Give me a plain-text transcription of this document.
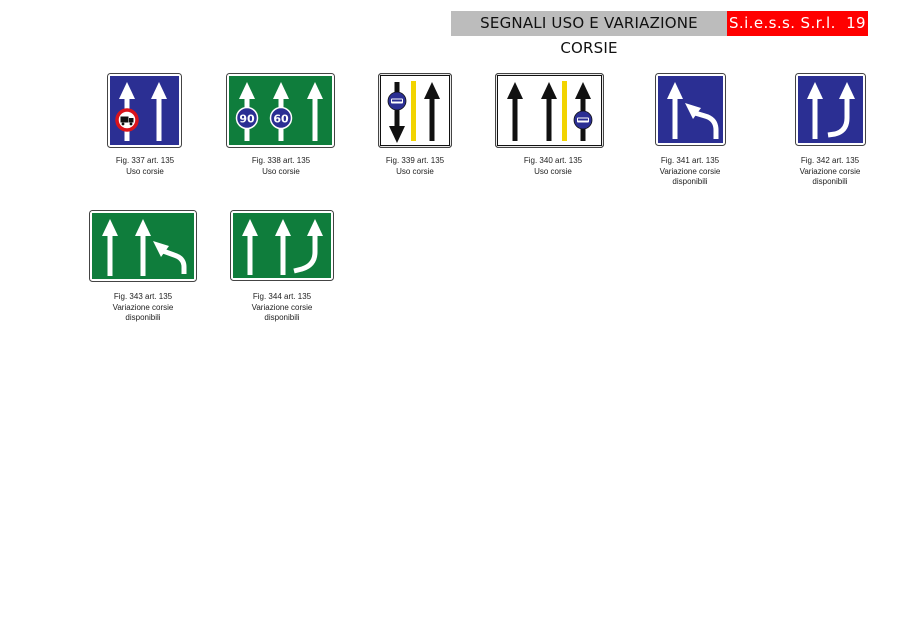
SEGNALI USO E VARIAZIONE CORSIE
S.i.e.s.s. S.r.l. 19
Fig. 337 art. 135
Uso corsie
90 60
Fig. 338 art. 135
Uso corsie
Fig. 339 art. 135
Uso corsie
Fig. 340 art. 135
Uso corsie
Fig. 341 art. 135
Variazione corsie
disponibili
Fig. 342 art. 135
Variazione corsie
disponibili
Fig. 343 art. 135
Variazione corsie
disponibili
Fig. 344 art. 135
Variazione corsie
disponibili
